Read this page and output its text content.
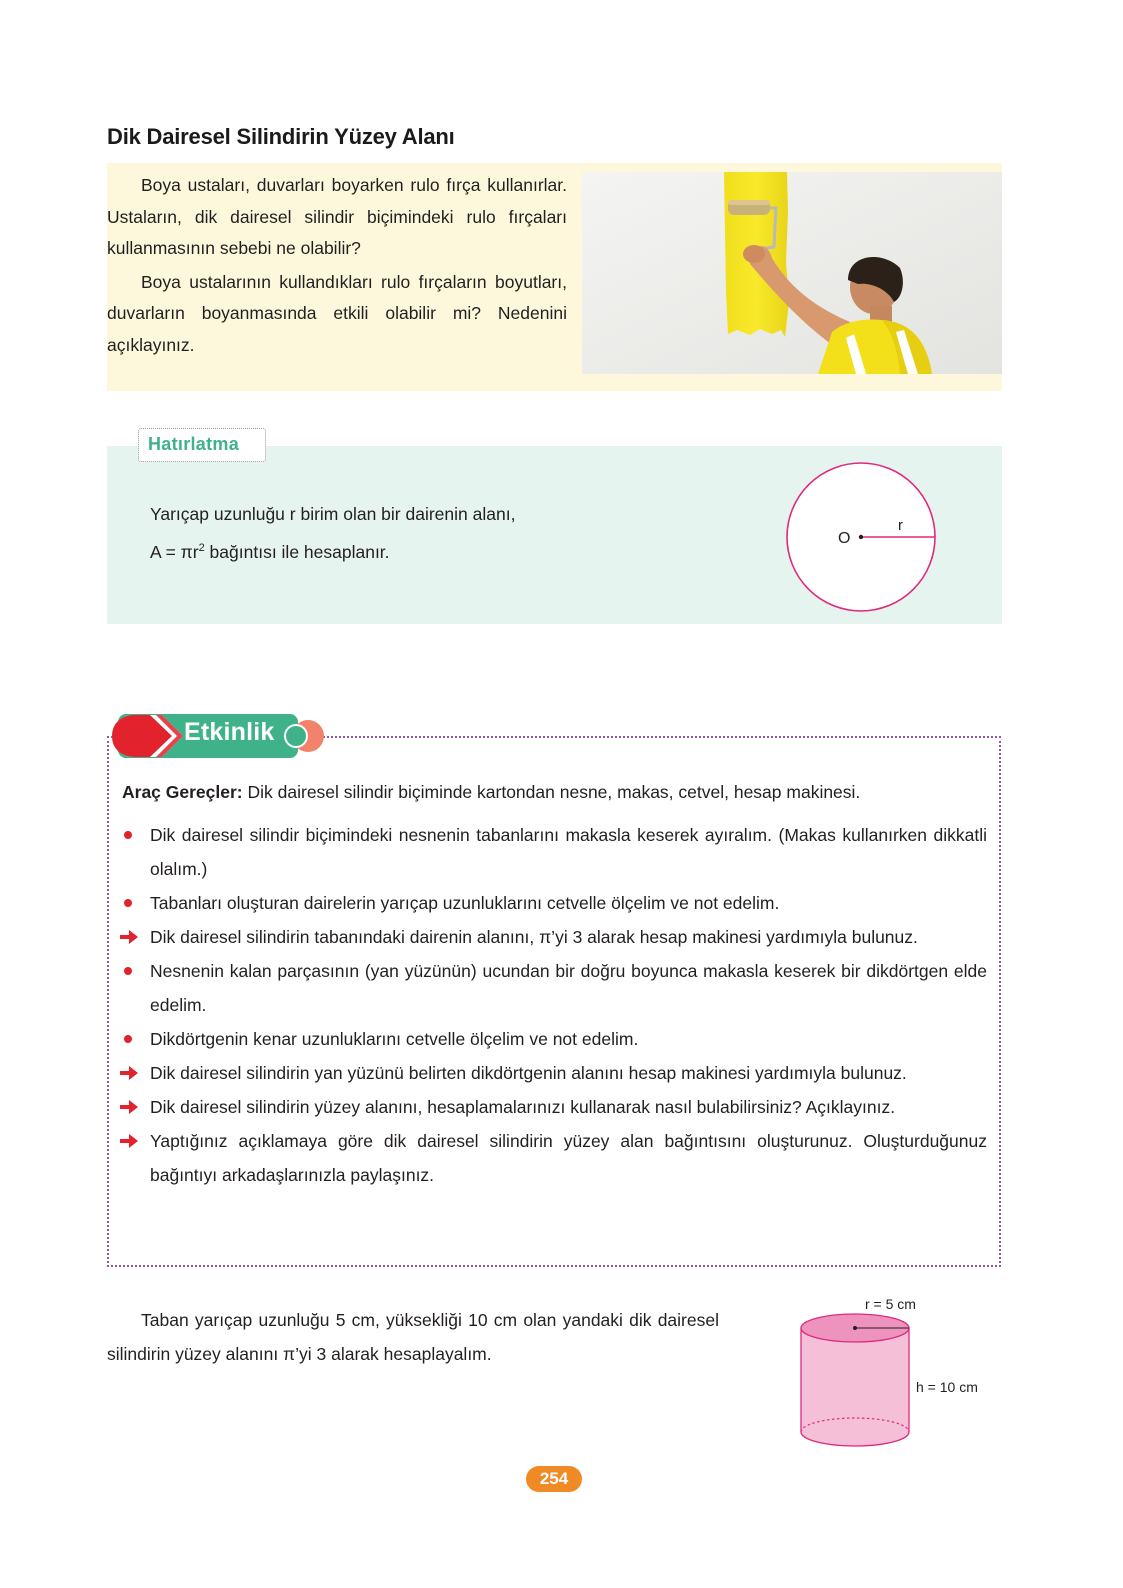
Dik Dairesel Silindirin Yüzey Alanı

Boya ustaları, duvarları boyarken rulo fırça kullanırlar. Ustaların, dik dairesel silindir biçimindeki rulo fırçaları kullanmasının sebebi ne olabilir?

Boya ustalarının kullandıkları rulo fırçaların boyutları, duvarların boyanmasında etkili olabilir mi? Nedenini açıklayınız.

Hatırlatma
Yarıçap uzunluğu r birim olan bir dairenin alanı,
$A = \pi r^2$ bağıntısı ile hesaplanır.
O
r
Etkinlik
Araç Gereçler: Dik dairesel silindir biçiminde kartondan nesne, makas, cetvel, hesap makinesi.
Dik dairesel silindir biçimindeki nesnenin tabanlarını makasla keserek ayıralım. (Makas kullanırken dikkatli olalım.)
Tabanları oluşturan dairelerin yarıçap uzunluklarını cetvelle ölçelim ve not edelim.
Dik dairesel silindirin tabanındaki dairenin alanını, π’yi 3 alarak hesap makinesi yardımıyla bulunuz.
Nesnenin kalan parçasının (yan yüzünün) ucundan bir doğru boyunca makasla keserek bir dikdörtgen elde edelim.
Dikdörtgenin kenar uzunluklarını cetvelle ölçelim ve not edelim.
Dik dairesel silindirin yan yüzünü belirten dikdörtgenin alanını hesap makinesi yardımıyla bulunuz.
Dik dairesel silindirin yüzey alanını, hesaplamalarınızı kullanarak nasıl bulabilirsiniz? Açıklayınız.
Yaptığınız açıklamaya göre dik dairesel silindirin yüzey alan bağıntısını oluşturunuz. Oluşturduğunuz bağıntıyı arkadaşlarınızla paylaşınız.
Taban yarıçap uzunluğu 5 cm, yüksekliği 10 cm olan yandaki dik dairesel silindirin yüzey alanını π’yi 3 alarak hesaplayalım.
r = 5 cm
h = 10 cm
254
